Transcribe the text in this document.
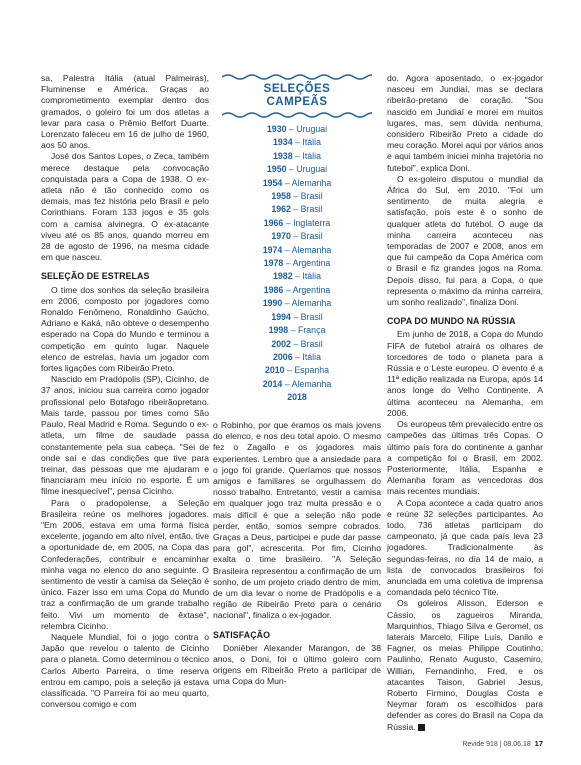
sa, Palestra Itália (atual Palmeiras), Fluminense e América. Graças ao comprometimento exemplar dentro dos gramados, o goleiro foi um dos atletas a levar para casa o Prêmio Belfort Duarte. Lorenzato faleceu em 16 de julho de 1960, aos 50 anos.

José dos Santos Lopes, o Zeca, também merece destaque pela convocação conquistada para a Copa de 1938. O ex-atleta não é tão conhecido como os demais, mas fez história pelo Brasil e pelo Corinthians. Foram 133 jogos e 35 gols com a camisa alvinegra. O ex-atacante viveu até os 85 anos, quando morreu em 28 de agosto de 1996, na mesma cidade em que nasceu.

SELEÇÃO DE ESTRELAS

O time dos sonhos da seleção brasileira em 2006, composto por jogadores como Ronaldo Fenômeno, Ronaldinho Gaúcho, Adriano e Kaká, não obteve o desempenho esperado na Copa do Mundo e terminou a competição em quinto lugar. Naquele elenco de estrelas, havia um jogador com fortes ligações com Ribeirão Preto.

Nascido em Pradópolis (SP), Cicinho, de 37 anos, iniciou sua carreira como jogador profissional pelo Botafogo ribeirãopretano. Mais tarde, passou por times como São Paulo, Real Madrid e Roma. Segundo o ex-atleta, um filme de saudade passa constantemente pela sua cabeça. "Sei de onde saí e das condições que tive para treinar, das pessoas que me ajudaram e financiaram meu início no esporte. É um filme inesquecível", pensa Cicinho.

Para o pradopolense, a Seleção Brasileira reúne os melhores jogadores. "Em 2006, estava em uma forma física excelente, jogando em alto nível, então, tive a oportunidade de, em 2005, na Copa das Confederações, contribuir e encaminhar minha vaga no elenco do ano seguinte. O sentimento de vestir a camisa da Seleção é único. Fazer isso em uma Copa do Mundo traz a confirmação de um grande trabalho feito. Vivi um momento de êxtase", relembra Cicinho.

Naquele Mundial, foi o jogo contra o Japão que revelou o talento de Cicinho para o planeta. Como determinou o técnico Carlos Alberto Parreira, o time reserva entrou em campo, pois a seleção já estava classificada. "O Parreira foi ao meu quarto, conversou comigo e com

SELEÇÕES
CAMPEÃS
1930 – Uruguai
1934 – Itália
1938 – Itália
1950 – Uruguai
1954 – Alemanha
1958 – Brasil
1962 – Brasil
1966 – Inglaterra
1970 – Brasil
1974 – Alemanha
1978 – Argentina
1982 – Itália
1986 – Argentina
1990 – Alemanha
1994 – Brasil
1998 – França
2002 – Brasil
2006 – Itália
2010 – Espanha
2014 – Alemanha
2018

o Robinho, por que éramos os mais jovens do elenco, e nos deu total apoio. O mesmo fez o Zagallo e os jogadores mais experientes. Lembro que a ansiedade para o jogo foi grande. Queríamos que nossos amigos e familiares se orgulhassem do nosso trabalho. Entretanto, vestir a camisa em qualquer jogo traz muita pressão e o mais difícil é que a seleção não pode perder, então, somos sempre cobrados. Graças a Deus, participei e pude dar passe para gol", acrescenta. Por fim, Cicinho exalta o time brasileiro. "A Seleção Brasileira representou a confirmação de um sonho, de um projeto criado dentro de mim, de um dia levar o nome de Pradópolis e a região de Ribeirão Preto para o cenário nacional", finaliza o ex-jogador.

SATISFAÇÃO

Doniêber Alexander Marangon, de 38 anos, o Doni, foi o último goleiro com origens em Ribeirão Preto a participar de uma Copa do Mun-

do. Agora aposentado, o ex-jogador nasceu em Jundiaí, mas se declara ribeirão-pretano de coração. "Sou nascido em Jundiaí e morei em muitos lugares, mas, sem dúvida nenhuma, considero Ribeirão Preto a cidade do meu coração. Morei aqui por vários anos e aqui também iniciei minha trajetória no futebol", explica Doni.

O ex-goleiro disputou o mundial da África do Sul, em 2010. "Foi um sentimento de muita alegria e satisfação, pois este é o sonho de qualquer atleta do futebol. O auge da minha carreira aconteceu nas temporadas de 2007 e 2008, anos em que fui campeão da Copa América com o Brasil e fiz grandes jogos na Roma. Depois disso, fui para a Copa, o que representa o máximo da minha carreira, um sonho realizado", finaliza Doni.

COPA DO MUNDO NA RÚSSIA

Em junho de 2018, a Copa do Mundo FIFA de futebol atrairá os olhares de torcedores de todo o planeta para a Rússia e o Leste europeu. O evento é a 11ª edição realizada na Europa, após 14 anos longe do Velho Continente. A última aconteceu na Alemanha, em 2006.

Os europeus têm prevalecido entre os campeões das últimas três Copas. O último país fora do continente a ganhar a competição foi o Brasil, em 2002. Posteriormente, Itália, Espanha e Alemanha foram as vencedoras dos mais recentes mundiais.

A Copa acontece a cada quatro anos e reúne 32 seleções participantes. Ao todo, 736 atletas participam do campeonato, já que cada país leva 23 jogadores. Tradicionalmente às segundas-feiras, no dia 14 de maio, a lista de convocados brasileiros foi anunciada em uma coletiva de imprensa comandada pelo técnico Tite.

Os goleiros Alisson, Ederson e Cássio, os zagueiros Miranda, Marquinhos, Thiago Silva e Geromel, os laterais Marcelo, Filipe Luís, Danilo e Fagner, os meias Philippe Coutinho, Paulinho, Renato Augusto, Casemiro, Willian, Fernandinho, Fred, e os atacantes Taison, Gabriel Jesus, Roberto Firmino, Douglas Costa e Neymar foram os escolhidos para defender as cores do Brasil na Copa da Rússia.

Revide 918 | 08.06.18 17
